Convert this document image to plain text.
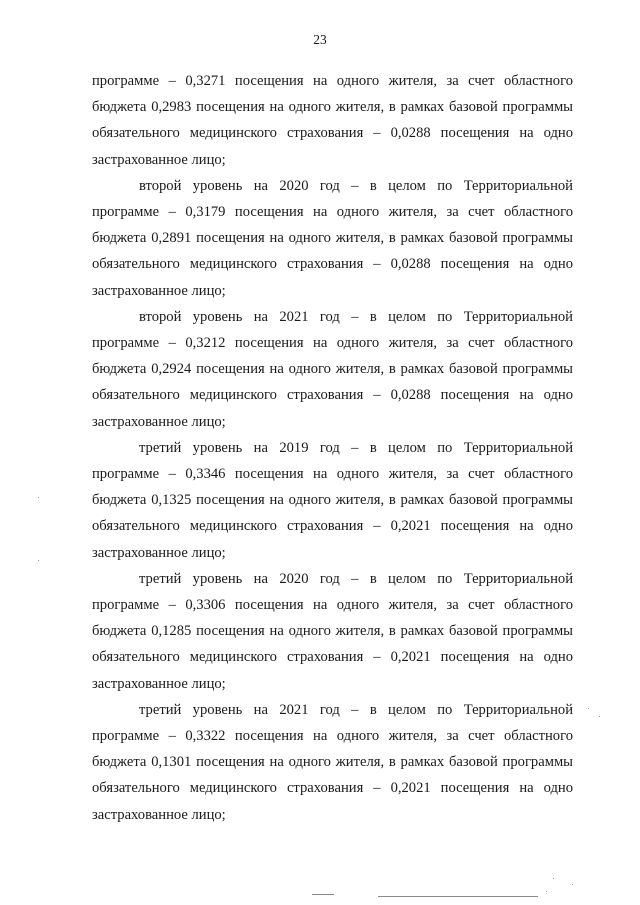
23

программе – 0,3271 посещения на одного жителя, за счет областного бюджета 0,2983 посещения на одного жителя, в рамках базовой программы обязательного медицинского страхования – 0,0288 посещения на одно застрахованное лицо;

второй уровень на 2020 год – в целом по Территориальной программе – 0,3179 посещения на одного жителя, за счет областного бюджета 0,2891 посещения на одного жителя, в рамках базовой программы обязательного медицинского страхования – 0,0288 посещения на одно застрахованное лицо;

второй уровень на 2021 год – в целом по Территориальной программе – 0,3212 посещения на одного жителя, за счет областного бюджета 0,2924 посещения на одного жителя, в рамках базовой программы обязательного медицинского страхования – 0,0288 посещения на одно застрахованное лицо;

третий уровень на 2019 год – в целом по Территориальной программе – 0,3346 посещения на одного жителя, за счет областного бюджета 0,1325 посещения на одного жителя, в рамках базовой программы обязательного медицинского страхования – 0,2021 посещения на одно застрахованное лицо;

третий уровень на 2020 год – в целом по Территориальной программе – 0,3306 посещения на одного жителя, за счет областного бюджета 0,1285 посещения на одного жителя, в рамках базовой программы обязательного медицинского страхования – 0,2021 посещения на одно застрахованное лицо;

третий уровень на 2021 год – в целом по Территориальной программе – 0,3322 посещения на одного жителя, за счет областного бюджета 0,1301 посещения на одного жителя, в рамках базовой программы обязательного медицинского страхования – 0,2021 посещения на одно застрахованное лицо;
